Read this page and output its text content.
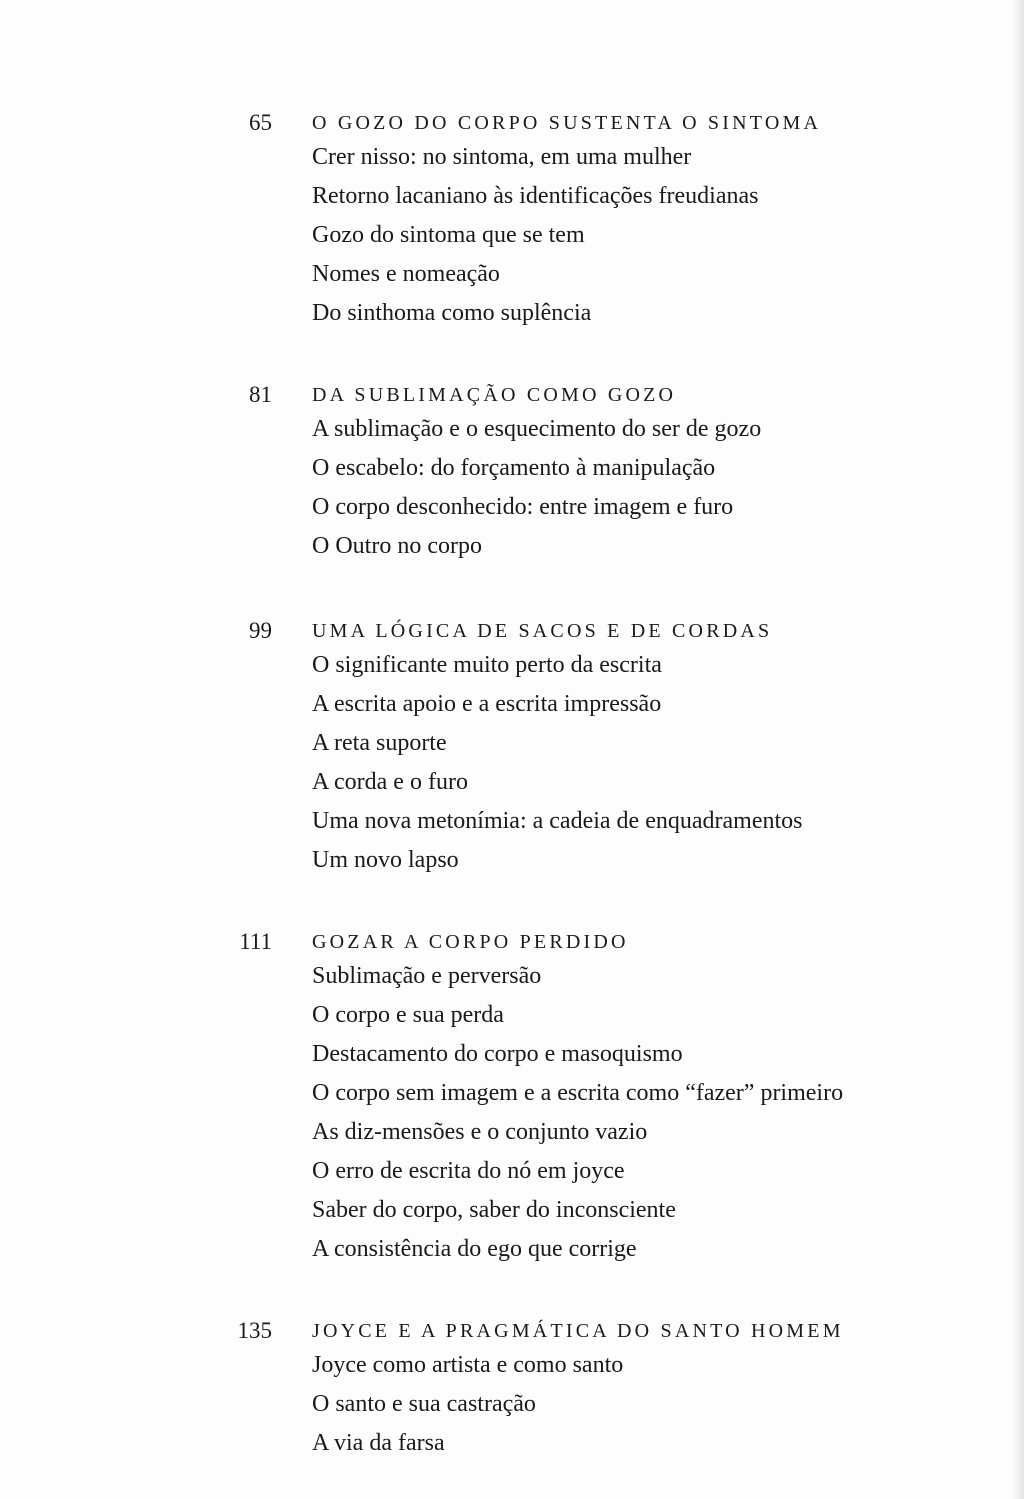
65 O GOZO DO CORPO SUSTENTA O SINTOMA
Crer nisso: no sintoma, em uma mulher
Retorno lacaniano às identificações freudianas
Gozo do sintoma que se tem
Nomes e nomeação
Do sinthoma como suplência
81 DA SUBLIMAÇÃO COMO GOZO
A sublimação e o esquecimento do ser de gozo
O escabelo: do forçamento à manipulação
O corpo desconhecido: entre imagem e furo
O Outro no corpo
99 UMA LÓGICA DE SACOS E DE CORDAS
O significante muito perto da escrita
A escrita apoio e a escrita impressão
A reta suporte
A corda e o furo
Uma nova metonímia: a cadeia de enquadramentos
Um novo lapso
111 GOZAR A CORPO PERDIDO
Sublimação e perversão
O corpo e sua perda
Destacamento do corpo e masoquismo
O corpo sem imagem e a escrita como “fazer” primeiro
As diz-mensões e o conjunto vazio
O erro de escrita do nó em joyce
Saber do corpo, saber do inconsciente
A consistência do ego que corrige
135 JOYCE E A PRAGMÁTICA DO SANTO HOMEM
Joyce como artista e como santo
O santo e sua castração
A via da farsa
